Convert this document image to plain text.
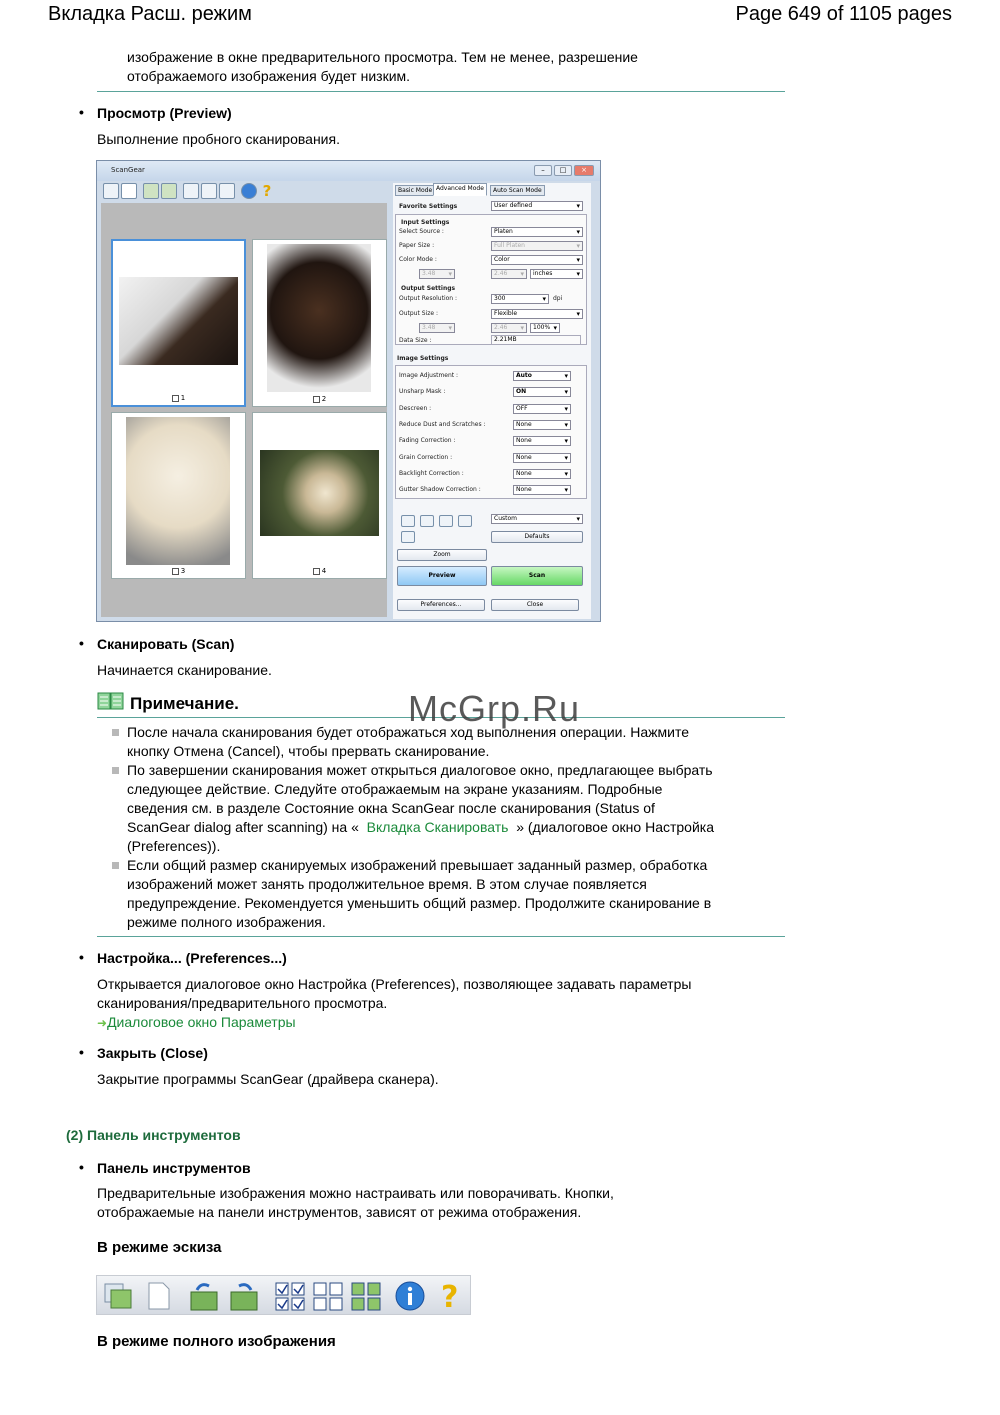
Вкладка Расш. режим	Page 649 of 1105 pages
изображение в окне предварительного просмотра. Тем не менее, разрешение
отображаемого изображения будет низким.
• Просмотр (Preview)
Выполнение пробного сканирования.
ScanGear	–	□	×
?
1	2
3	4
Basic Mode Advanced Mode	Auto Scan Mode
Favorite Settings	User defined ▾
Input Settings
Select Source :	Platen ▾
Paper Size :	Full Platen ▾
Color Mode :	Color ▾
3.48 ▾	2.46 ▾	inches ▾
Output Settings
Output Resolution :	300 ▾	dpi
Output Size :	Flexible ▾
3.48 ▾	2.46 ▾	100% ▾
Data Size :	2.21MB
Image Settings
Custom ▾
Defaults
Zoom
Preview	Scan
Preferences...	Close
Image Adjustment :	Auto ▾
Unsharp Mask :	ON ▾
Descreen :	OFF ▾
Reduce Dust and Scratches :	None ▾
Fading Correction :	None ▾
Grain Correction :	None ▾
Backlight Correction :	None ▾
Gutter Shadow Correction :	None ▾
• Сканировать (Scan)
Начинается сканирование.
Примечание.	McGrp.Ru
После начала сканирования будет отображаться ход выполнения операции. Нажмите
кнопку Отмена (Cancel), чтобы прервать сканирование.
По завершении сканирования может открыться диалоговое окно, предлагающее выбрать
следующее действие. Следуйте отображаемым на экране указаниям. Подробные
сведения см. в разделе Состояние окна ScanGear после сканирования (Status of
ScanGear dialog after scanning) на « Вкладка Сканировать » (диалоговое окно Настройка
(Preferences)).
Если общий размер сканируемых изображений превышает заданный размер, обработка
изображений может занять продолжительное время. В этом случае появляется
предупреждение. Рекомендуется уменьшить общий размер. Продолжите сканирование в
режиме полного изображения.
• Настройка... (Preferences...)
Открывается диалоговое окно Настройка (Preferences), позволяющее задавать параметры
сканирования/предварительного просмотра.
➜Диалоговое окно Параметры
• Закрыть (Close)
Закрытие программы ScanGear (драйвера сканера).
(2) Панель инструментов
• Панель инструментов
Предварительные изображения можно настраивать или поворачивать. Кнопки,
отображаемые на панели инструментов, зависят от режима отображения.
В режиме эскиза
?
В режиме полного изображения
